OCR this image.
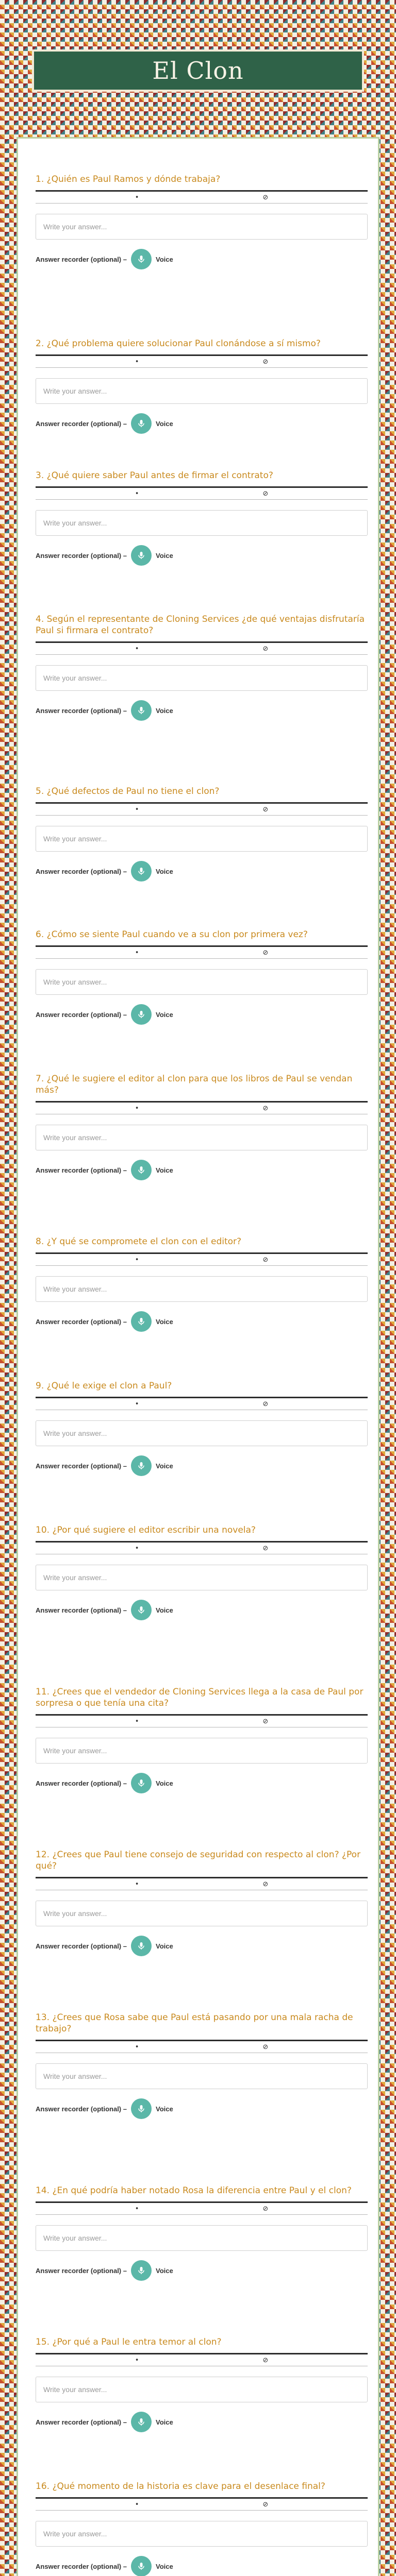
El Clon

1. ¿Quién es Paul Ramos y dónde trabaja?

•	⊘
Write your answer...
Answer recorder (optional) –	Voice

2. ¿Qué problema quiere solucionar Paul clonándose a sí mismo?

•	⊘
Write your answer...
Answer recorder (optional) –	Voice

3. ¿Qué quiere saber Paul antes de firmar el contrato?

•	⊘
Write your answer...
Answer recorder (optional) –	Voice

4. Según el representante de Cloning Services ¿de qué ventajas disfrutaría Paul si firmara el contrato?

•	⊘
Write your answer...
Answer recorder (optional) –	Voice

5. ¿Qué defectos de Paul no tiene el clon?

•	⊘
Write your answer...
Answer recorder (optional) –	Voice

6. ¿Cómo se siente Paul cuando ve a su clon por primera vez?

•	⊘
Write your answer...
Answer recorder (optional) –	Voice

7. ¿Qué le sugiere el editor al clon para que los libros de Paul se vendan más?

•	⊘
Write your answer...
Answer recorder (optional) –	Voice

8. ¿Y qué se compromete el clon con el editor?

•	⊘
Write your answer...
Answer recorder (optional) –	Voice

9. ¿Qué le exige el clon a Paul?

•	⊘
Write your answer...
Answer recorder (optional) –	Voice

10. ¿Por qué sugiere el editor escribir una novela?

•	⊘
Write your answer...
Answer recorder (optional) –	Voice

11. ¿Crees que el vendedor de Cloning Services llega a la casa de Paul por sorpresa o que tenía una cita?

•	⊘
Write your answer...
Answer recorder (optional) –	Voice

12. ¿Crees que Paul tiene consejo de seguridad con respecto al clon? ¿Por qué?

•	⊘
Write your answer...
Answer recorder (optional) –	Voice

13. ¿Crees que Rosa sabe que Paul está pasando por una mala racha de trabajo?

•	⊘
Write your answer...
Answer recorder (optional) –	Voice

14. ¿En qué podría haber notado Rosa la diferencia entre Paul y el clon?

•	⊘
Write your answer...
Answer recorder (optional) –	Voice

15. ¿Por qué a Paul le entra temor al clon?

•	⊘
Write your answer...
Answer recorder (optional) –	Voice

16. ¿Qué momento de la historia es clave para el desenlace final?

•	⊘
Write your answer...
Answer recorder (optional) –	Voice
